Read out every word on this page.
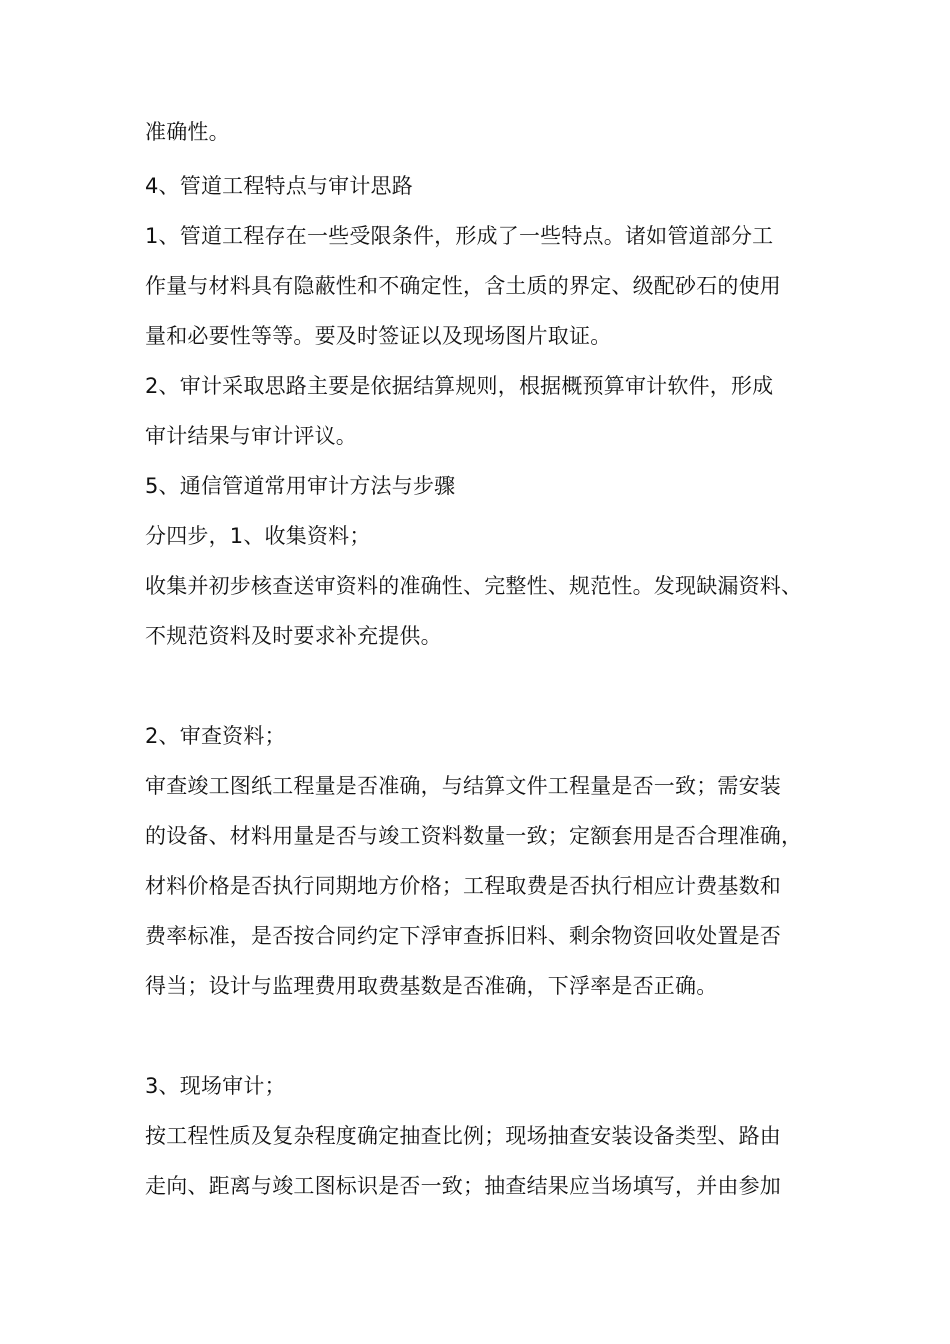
准确性。
4、管道工程特点与审计思路
1、管道工程存在一些受限条件，形成了一些特点。诸如管道部分工
作量与材料具有隐蔽性和不确定性，含土质的界定、级配砂石的使用
量和必要性等等。要及时签证以及现场图片取证。
2、审计采取思路主要是依据结算规则，根据概预算审计软件，形成
审计结果与审计评议。
5、通信管道常用审计方法与步骤
分四步，1、收集资料；
收集并初步核查送审资料的准确性、完整性、规范性。发现缺漏资料、
不规范资料及时要求补充提供。
2、审查资料；
审查竣工图纸工程量是否准确，与结算文件工程量是否一致；需安装
的设备、材料用量是否与竣工资料数量一致；定额套用是否合理准确，
材料价格是否执行同期地方价格；工程取费是否执行相应计费基数和
费率标准，是否按合同约定下浮审查拆旧料、剩余物资回收处置是否
得当；设计与监理费用取费基数是否准确，下浮率是否正确。
3、现场审计；
按工程性质及复杂程度确定抽查比例；现场抽查安装设备类型、路由
走向、距离与竣工图标识是否一致；抽查结果应当场填写，并由参加
